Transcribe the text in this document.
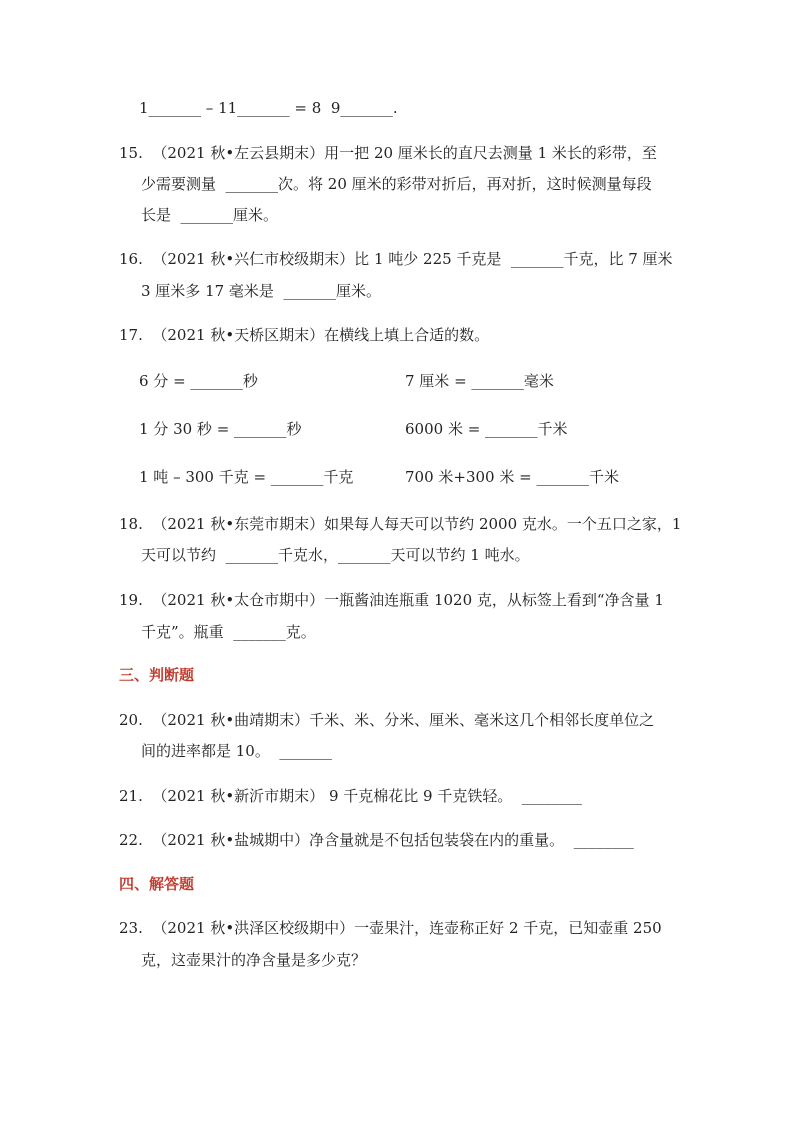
1_______ – 11_______ = 8  9_______.
15.  （2021 秋•左云县期末）用一把 20 厘米长的直尺去测量 1 米长的彩带，至
少需要测量  _______次。将 20 厘米的彩带对折后，再对折，这时候测量每段
长是  _______厘米。
16.  （2021 秋•兴仁市校级期末）比 1 吨少 225 千克是  _______千克，比 7 厘米
3 厘米多 17 毫米是  _______厘米。
17.  （2021 秋•天桥区期末）在横线上填上合适的数。
6 分 = _______秒	7 厘米 = _______毫米
1 分 30 秒 = _______秒	6000 米 = _______千米
1 吨 – 300 千克 = _______千克	700 米+300 米 = _______千米
18.  （2021 秋•东莞市期末）如果每人每天可以节约 2000 克水。一个五口之家，1
天可以节约  _______千克水，_______天可以节约 1 吨水。
19.  （2021 秋•太仓市期中）一瓶酱油连瓶重 1020 克，从标签上看到“净含量 1
千克”。瓶重  _______克。
三、判断题
20.  （2021 秋•曲靖期末）千米、米、分米、厘米、毫米这几个相邻长度单位之
间的进率都是 10。  _______
21.  （2021 秋•新沂市期末） 9 千克棉花比 9 千克铁轻。  ________
22.  （2021 秋•盐城期中）净含量就是不包括包装袋在内的重量。  ________
四、解答题
23.  （2021 秋•洪泽区校级期中）一壶果汁，连壶称正好 2 千克，已知壶重 250
克，这壶果汁的净含量是多少克？
